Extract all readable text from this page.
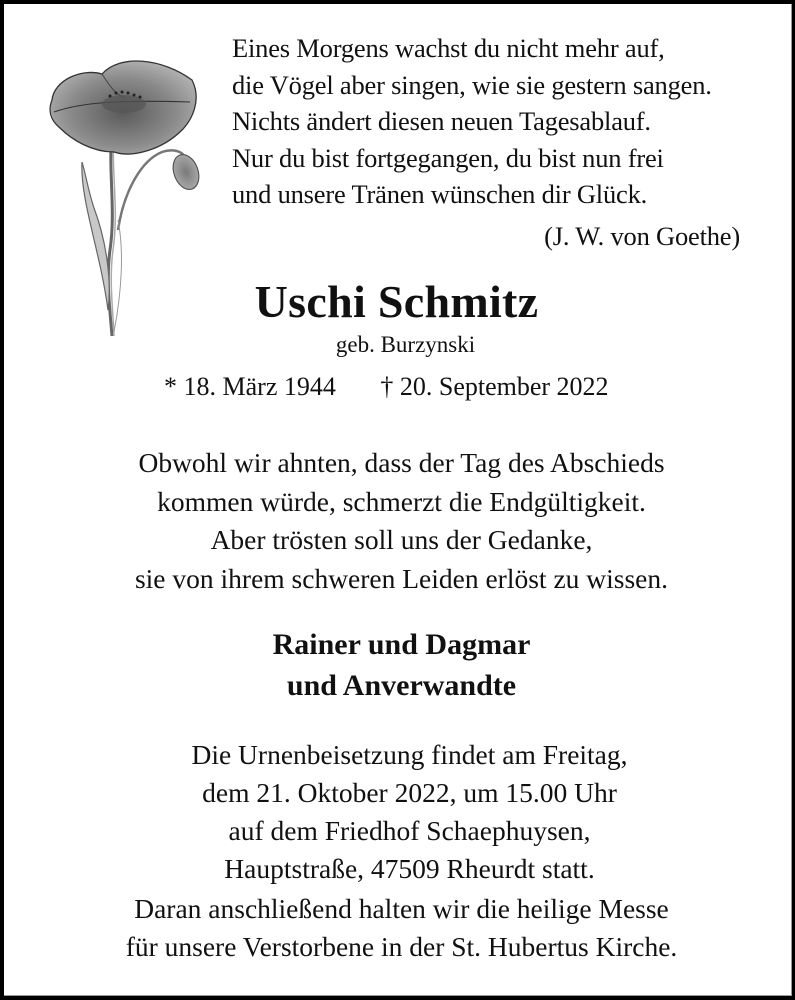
Eines Morgens wachst du nicht mehr auf,
die Vögel aber singen, wie sie gestern sangen.
Nichts ändert diesen neuen Tagesablauf.
Nur du bist fortgegangen, du bist nun frei
und unsere Tränen wünschen dir Glück.
(J. W. von Goethe)
Uschi Schmitz
geb. Burzynski
* 18. März 1944 † 20. September 2022
Obwohl wir ahnten, dass der Tag des Abschieds
kommen würde, schmerzt die Endgültigkeit.
Aber trösten soll uns der Gedanke,
sie von ihrem schweren Leiden erlöst zu wissen.
Rainer und Dagmar
und Anverwandte
Die Urnenbeisetzung findet am Freitag,
dem 21. Oktober 2022, um 15.00 Uhr
auf dem Friedhof Schaephuysen,
Hauptstraße, 47509 Rheurdt statt.
Daran anschließend halten wir die heilige Messe
für unsere Verstorbene in der St. Hubertus Kirche.
